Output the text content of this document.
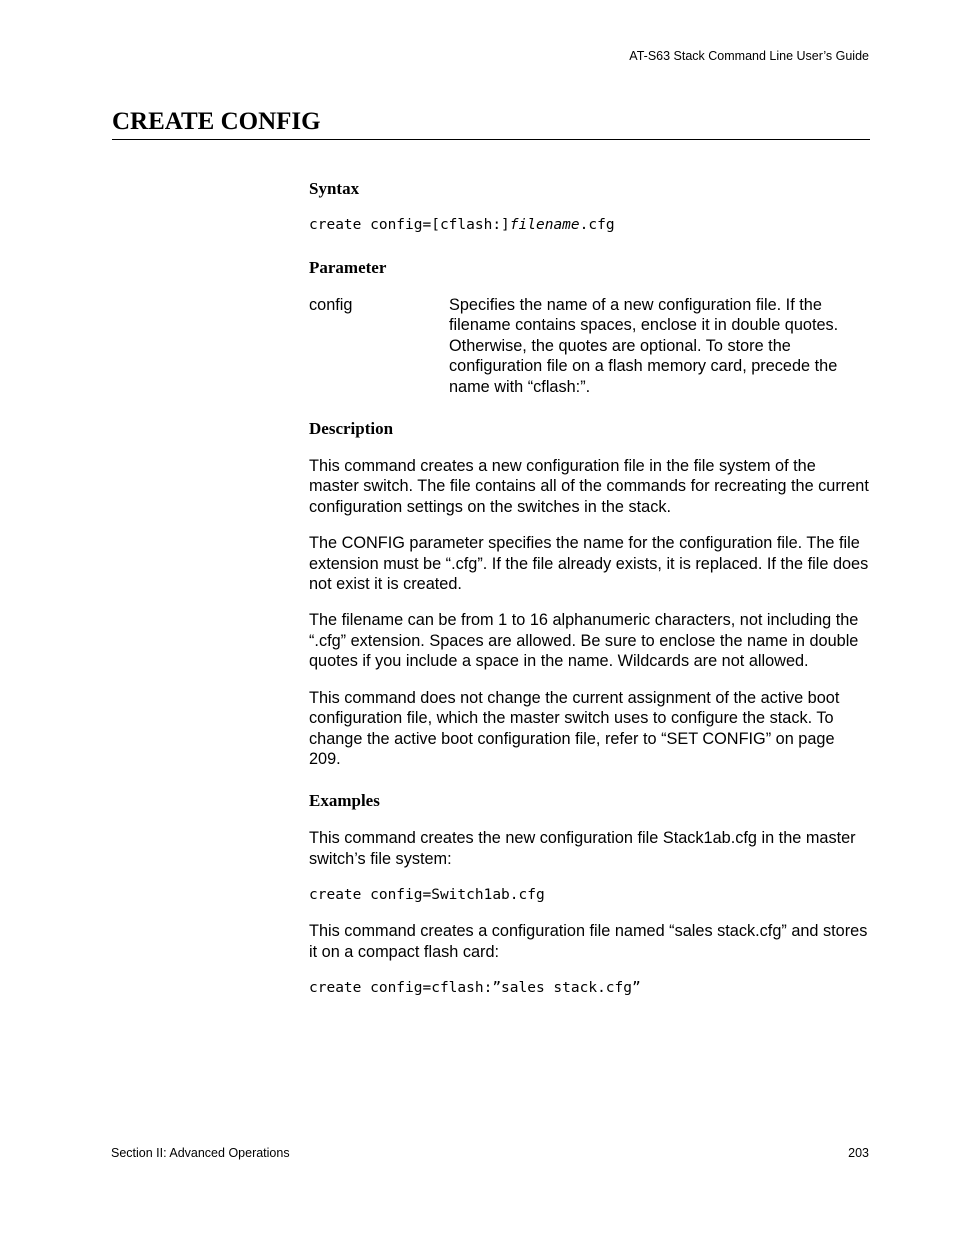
AT-S63 Stack Command Line User’s Guide
CREATE CONFIG
Syntax

create config=[cflash:]filename.cfg

Parameter
config	Specifies the name of a new configuration file. If the filename contains spaces, enclose it in double quotes. Otherwise, the quotes are optional. To store the configuration file on a flash memory card, precede the name with “cflash:”.
Description

This command creates a new configuration file in the file system of the master switch. The file contains all of the commands for recreating the current configuration settings on the switches in the stack.

The CONFIG parameter specifies the name for the configuration file. The file extension must be “.cfg”. If the file already exists, it is replaced. If the file does not exist it is created.

The filename can be from 1 to 16 alphanumeric characters, not including the “.cfg” extension. Spaces are allowed. Be sure to enclose the name in double quotes if you include a space in the name. Wildcards are not allowed.

This command does not change the current assignment of the active boot configuration file, which the master switch uses to configure the stack. To change the active boot configuration file, refer to “SET CONFIG” on page 209.

Examples

This command creates the new configuration file Stack1ab.cfg in the master switch’s file system:

create config=Switch1ab.cfg

This command creates a configuration file named “sales stack.cfg” and stores it on a compact flash card:

create config=cflash:”sales stack.cfg”

Section II: Advanced Operations	203
